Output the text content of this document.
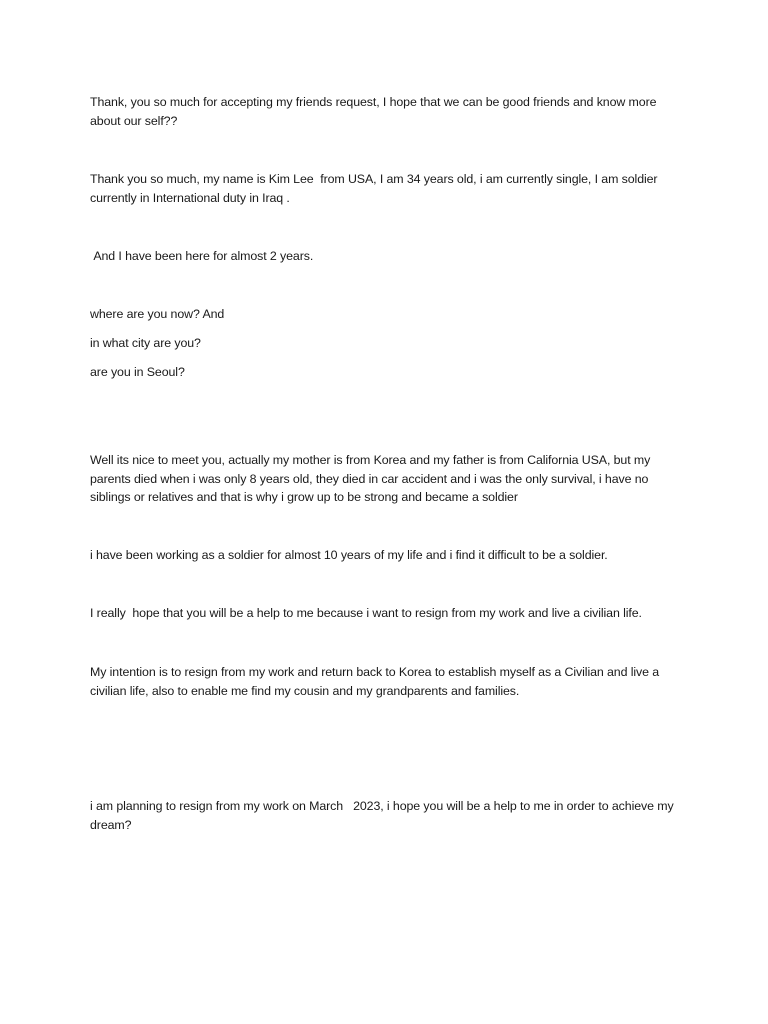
Thank, you so much for accepting my friends request, I hope that we can be good friends and know more about our self??

Thank you so much, my name is Kim Lee  from USA, I am 34 years old, i am currently single, I am soldier currently in International duty in Iraq .

And I have been here for almost 2 years.

where are you now? And

in what city are you?

are you in Seoul?

Well its nice to meet you, actually my mother is from Korea and my father is from California USA, but my parents died when i was only 8 years old, they died in car accident and i was the only survival, i have no siblings or relatives and that is why i grow up to be strong and became a soldier

i have been working as a soldier for almost 10 years of my life and i find it difficult to be a soldier.

I really  hope that you will be a help to me because i want to resign from my work and live a civilian life.

My intention is to resign from my work and return back to Korea to establish myself as a Civilian and live a civilian life, also to enable me find my cousin and my grandparents and families.

i am planning to resign from my work on March   2023, i hope you will be a help to me in order to achieve my dream?
